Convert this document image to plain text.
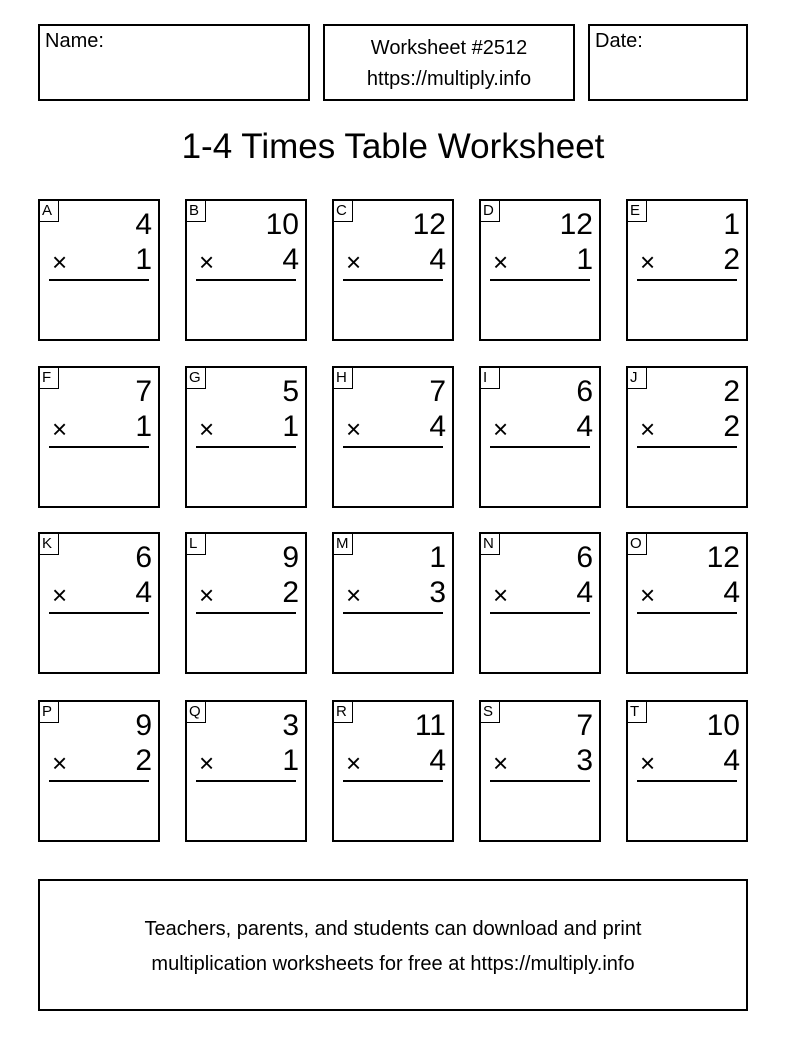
Name:	Worksheet #2512
https://multiply.info
Date:
1-4 Times Table Worksheet
A	4
× 1
B 10
× 4
C 12
× 4
D 12
× 1
E	1
× 2
F	7
× 1
G	5
× 1
H	7
× 4
I	6
× 4
J	2
× 2
K	6
× 4
L	9
× 2
M	1
× 3
N	6
× 4
O 12
× 4
P	9
× 2
Q	3
× 1
R 11
× 4
S	7
× 3
T 10
× 4
Teachers, parents, and students can download and print
multiplication worksheets for free at https://multiply.info
